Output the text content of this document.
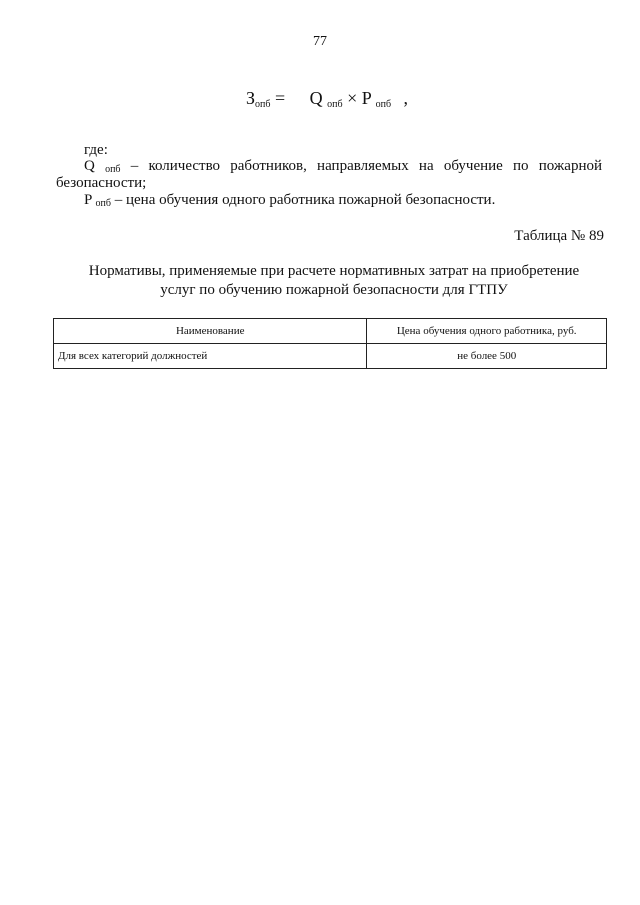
77
$З_{опб} = Q$ $_{опб}$ × P $_{опб}$ ,
где:
Q $_{опб}$ – количество работников, направляемых на обучение по пожарной
безопасности;
P $_{опб}$ – цена обучения одного работника пожарной безопасности.
Таблица № 89
Нормативы, применяемые при расчете нормативных затрат на приобретение
услуг по обучению пожарной безопасности для ГТПУ
Наименование	Цена обучения одного работника, руб.
Для всех категорий должностей	не более 500
